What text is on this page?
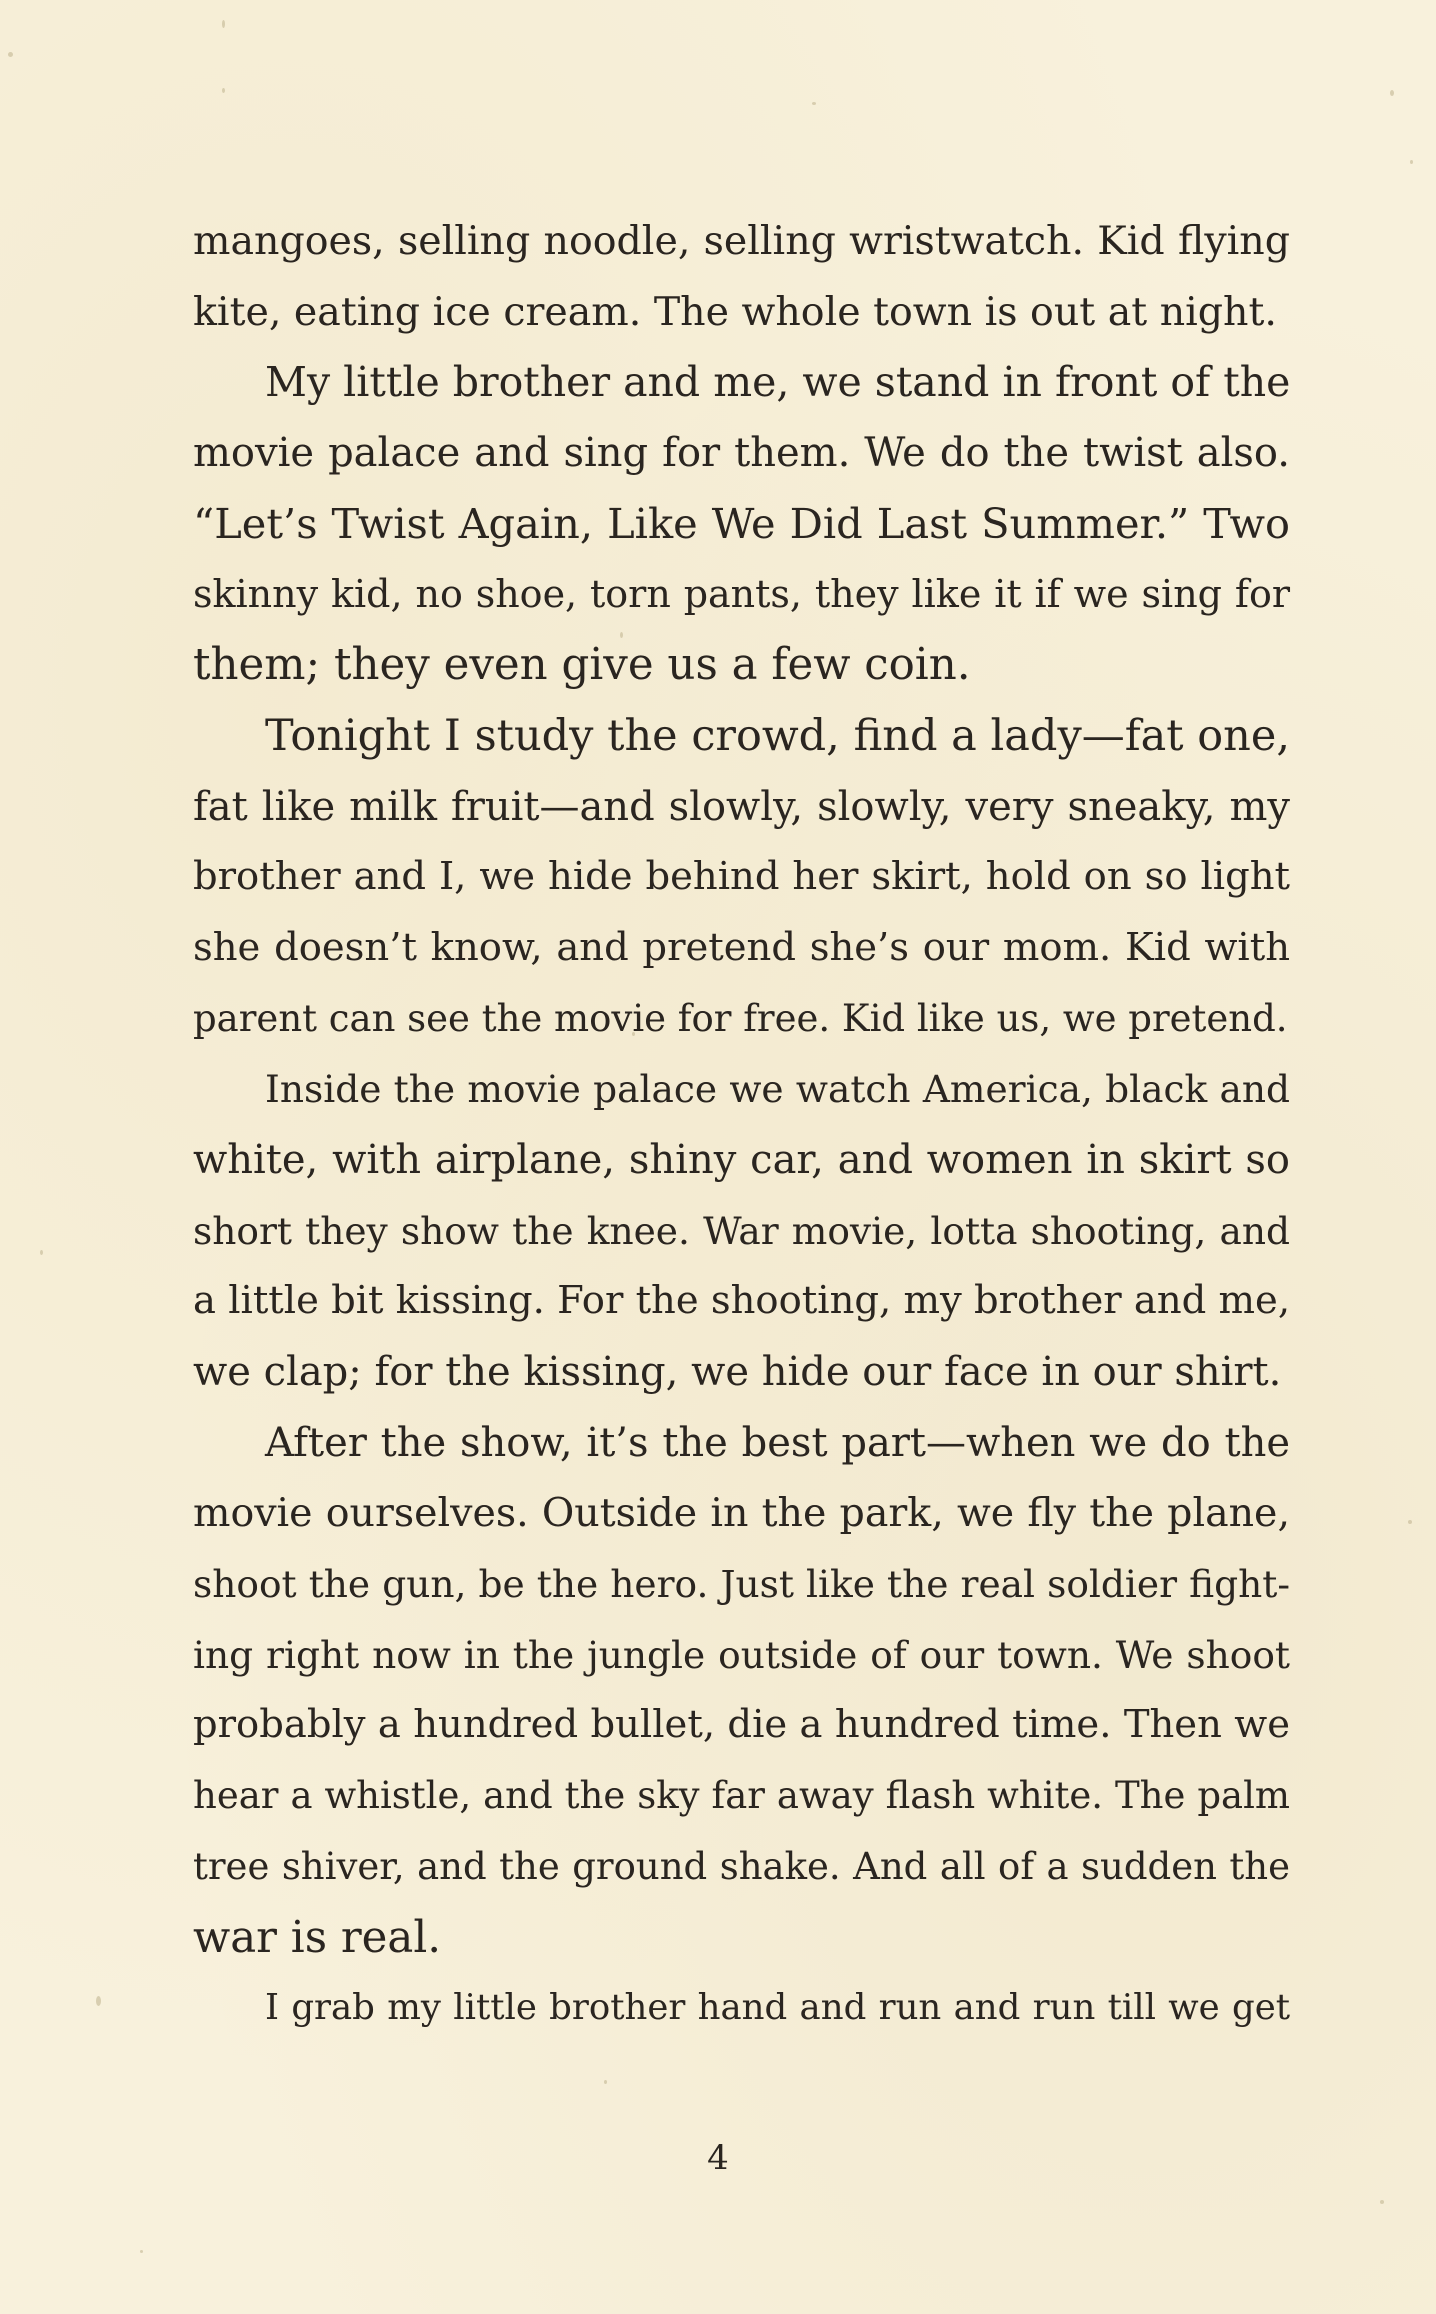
mangoes, selling noodle, selling wristwatch. Kid flying
kite, eating ice cream. The whole town is out at night.
My little brother and me, we stand in front of the
movie palace and sing for them. We do the twist also.
“Let’s Twist Again, Like We Did Last Summer.” Two
skinny kid, no shoe, torn pants, they like it if we sing for
them; they even give us a few coin.
Tonight I study the crowd, find a lady—fat one,
fat like milk fruit—and slowly, slowly, very sneaky, my
brother and I, we hide behind her skirt, hold on so light
she doesn’t know, and pretend she’s our mom. Kid with
parent can see the movie for free. Kid like us, we pretend.
Inside the movie palace we watch America, black and
white, with airplane, shiny car, and women in skirt so
short they show the knee. War movie, lotta shooting, and
a little bit kissing. For the shooting, my brother and me,
we clap; for the kissing, we hide our face in our shirt.
After the show, it’s the best part—when we do the
movie ourselves. Outside in the park, we fly the plane,
shoot the gun, be the hero. Just like the real soldier fight-
ing right now in the jungle outside of our town. We shoot
probably a hundred bullet, die a hundred time. Then we
hear a whistle, and the sky far away flash white. The palm
tree shiver, and the ground shake. And all of a sudden the
war is real.
I grab my little brother hand and run and run till we get
4
